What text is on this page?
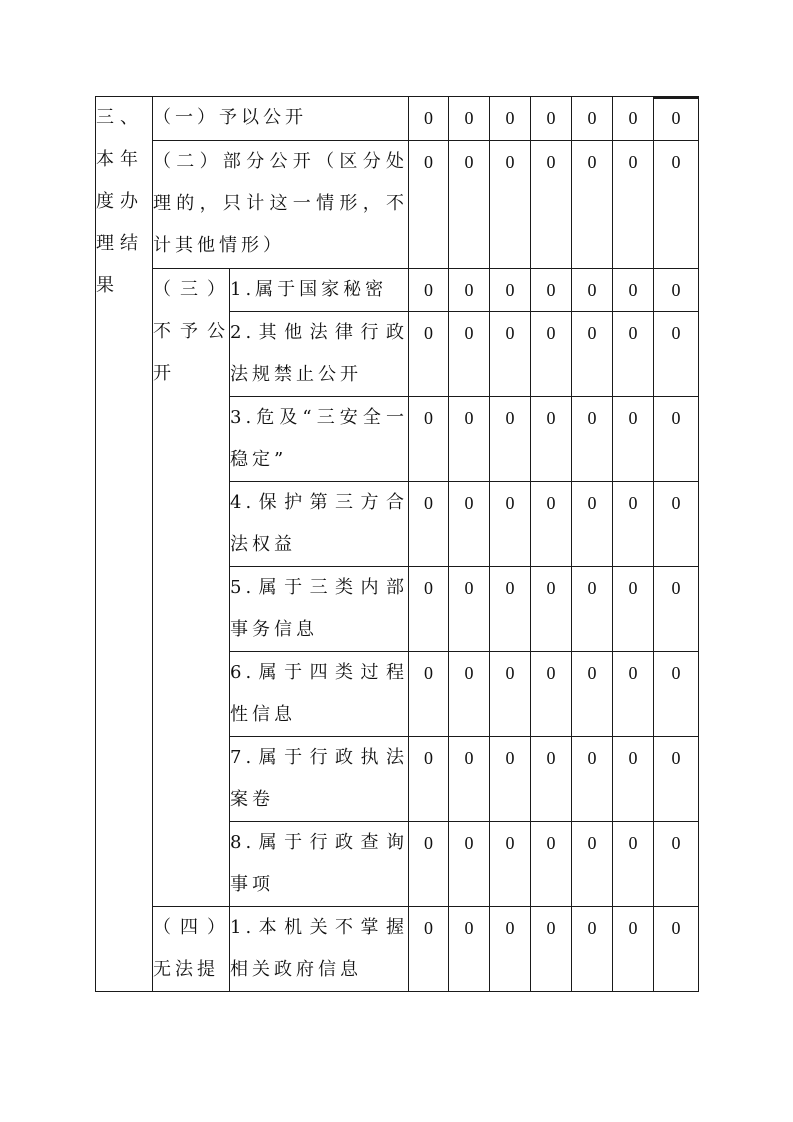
三、本年度办理结果	（一）予以公开		0	0	0	0	0	0	0
	（二）部分公开（区分处理的，只计这一情形，不计其他情形）		0	0	0	0	0	0	0
	（三）不予公开	1.属于国家秘密	0	0	0	0	0	0	0
		2.其他法律行政法规禁止公开	0	0	0	0	0	0	0
		3.危及“三安全一稳定”	0	0	0	0	0	0	0
		4.保护第三方合法权益	0	0	0	0	0	0	0
		5.属于三类内部事务信息	0	0	0	0	0	0	0
		6.属于四类过程性信息	0	0	0	0	0	0	0
		7.属于行政执法案卷	0	0	0	0	0	0	0
		8.属于行政查询事项	0	0	0	0	0	0	0
	（四）无法提	1.本机关不掌握相关政府信息	0	0	0	0	0	0	0
